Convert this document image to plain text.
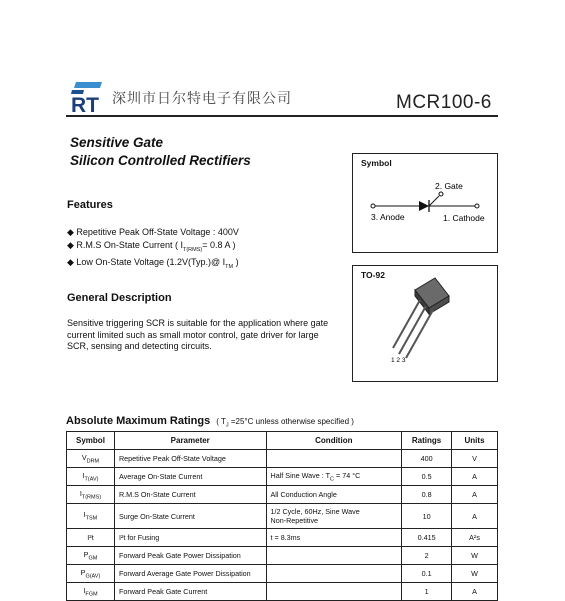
RT 深圳市日尔特电子有限公司	MCR100-6
Sensitive Gate
Silicon Controlled Rectifiers
Features
◆ Repetitive Peak Off-State Voltage : 400V
◆ R.M.S On-State Current ( $I_{T(RMS)}= 0.8$ A )
◆ Low On-State Voltage (1.2V(Typ.)@ $I_{TM}$ )
General Description
Sensitive triggering SCR is suitable for the application where gate current limited such as small motor control, gate driver for large SCR, sensing and detecting circuits.
Symbol
2. Gate
3. Anode	1. Cathode
TO-92
1 2 3
Absolute Maximum Ratings ( $T_J =25^\circ C$ unless otherwise specified )
Symbol	Parameter	Condition	Ratings	Units
$V_{DRM}$	Repetitive Peak Off-State Voltage		400	V
$I_{T(AV)}$	Average On-State Current	Half Sine Wave : $T_C = 74$ °C	0.5	A
$I_{T(RMS)}$	R.M.S On-State Current	All Conduction Angle	0.8	A
$I_{TSM}$	Surge On-State Current	1/2 Cycle, 60Hz, Sine Wave
Non-Repetitive	10	A
I²t	I²t for Fusing	t = 8.3ms	0.415	A²s
$P_{GM}$	Forward Peak Gate Power Dissipation		2	W
$P_{G(AV)}$	Forward Average Gate Power Dissipation		0.1	W
$I_{FGM}$	Forward Peak Gate Current		1	A
